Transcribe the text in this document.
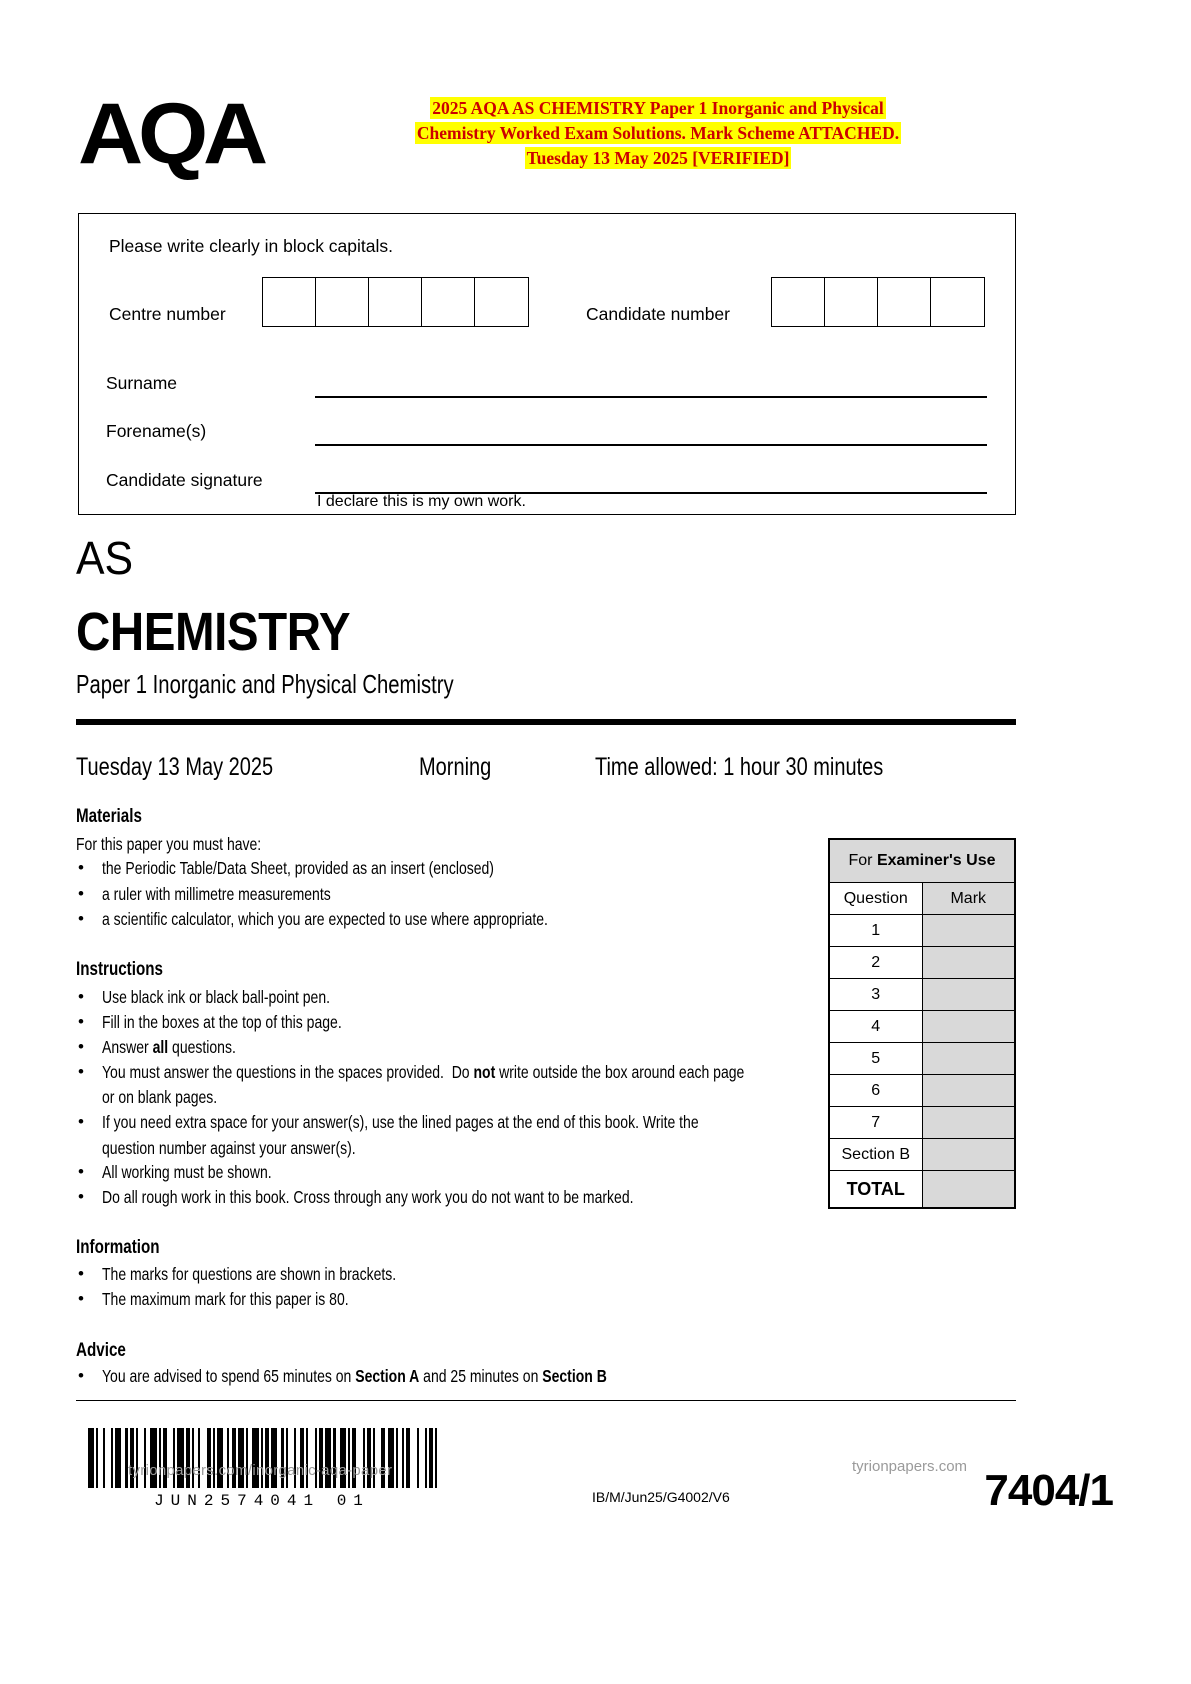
AQA	2025 AQA AS CHEMISTRY Paper 1 Inorganic and Physical
Chemistry Worked Exam Solutions. Mark Scheme ATTACHED.
Tuesday 13 May 2025 [VERIFIED]
Please write clearly in block capitals.
Centre number	Candidate number
Surname
Forename(s)
Candidate signature
I declare this is my own work.
AS
CHEMISTRY
Paper 1 Inorganic and Physical Chemistry
Tuesday 13 May 2025	Morning	Time allowed: 1 hour 30 minutes
Materials
For this paper you must have:
• the Periodic Table/Data Sheet, provided as an insert (enclosed)
• a ruler with millimetre measurements
• a scientific calculator, which you are expected to use where appropriate.
Instructions
• Use black ink or black ball-point pen.
• Fill in the boxes at the top of this page.
• Answer all questions.
• You must answer the questions in the spaces provided.  Do not write outside the box around each page
or on blank pages.
• If you need extra space for your answer(s), use the lined pages at the end of this book. Write the
question number against your answer(s).
• All working must be shown.
• Do all rough work in this book. Cross through any work you do not want to be marked.
Information
• The marks for questions are shown in brackets.
• The maximum mark for this paper is 80.
Advice
• You are advised to spend 65 minutes on Section A and 25 minutes on Section B
For Examiner's Use	
Question	Mark
1	
2	
3	
4	
5	
6	
7	
Section B	
TOTAL	
tyrionpapers.com/inorganic-aqa-paper
JUN2574041 01	IB/M/Jun25/G4002/V6
tyrionpapers.com 7404/1
